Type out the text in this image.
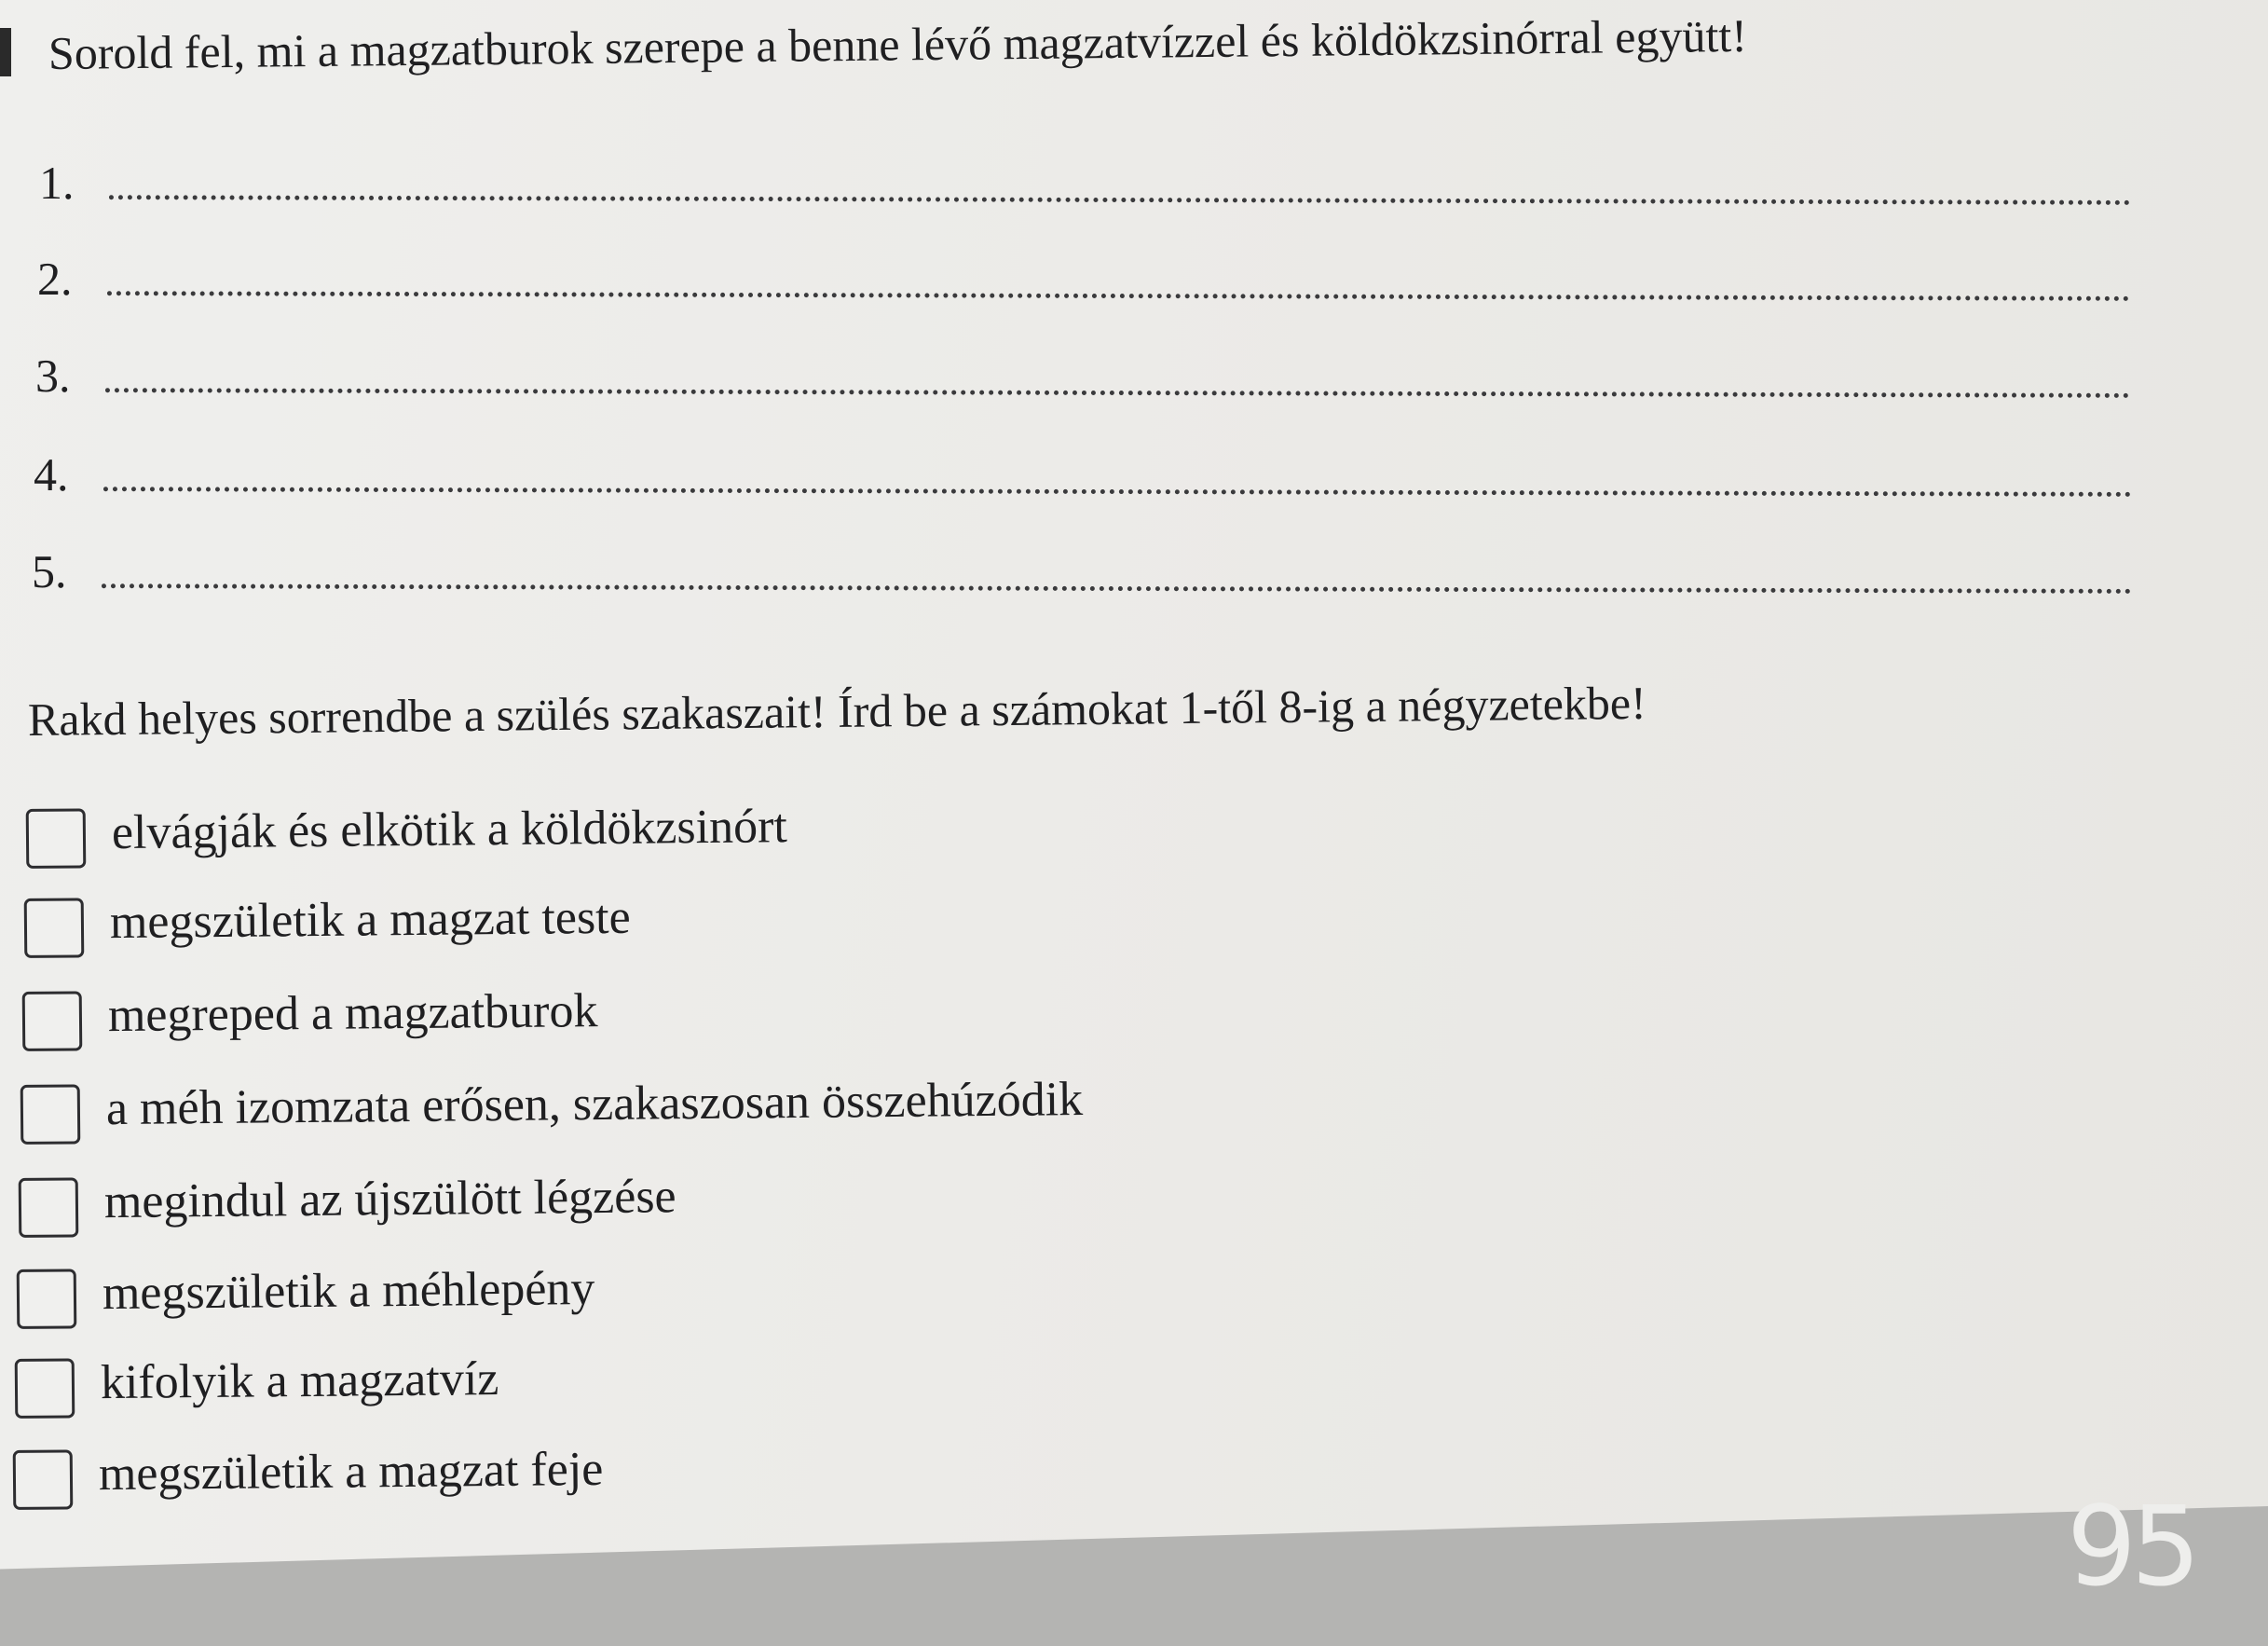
Sorold fel, mi a magzatburok szerepe a benne lévő magzatvízzel és köldökzsinórral együtt!
1.
2.
3.
4.
5.
Rakd helyes sorrendbe a szülés szakaszait! Írd be a számokat 1-től 8-ig a négyzetekbe!
elvágják és elkötik a köldökzsinórt
megszületik a magzat teste
megreped a magzatburok
a méh izomzata erősen, szakaszosan összehúzódik
megindul az újszülött légzése
megszületik a méhlepény
kifolyik a magzatvíz
megszületik a magzat feje
95
